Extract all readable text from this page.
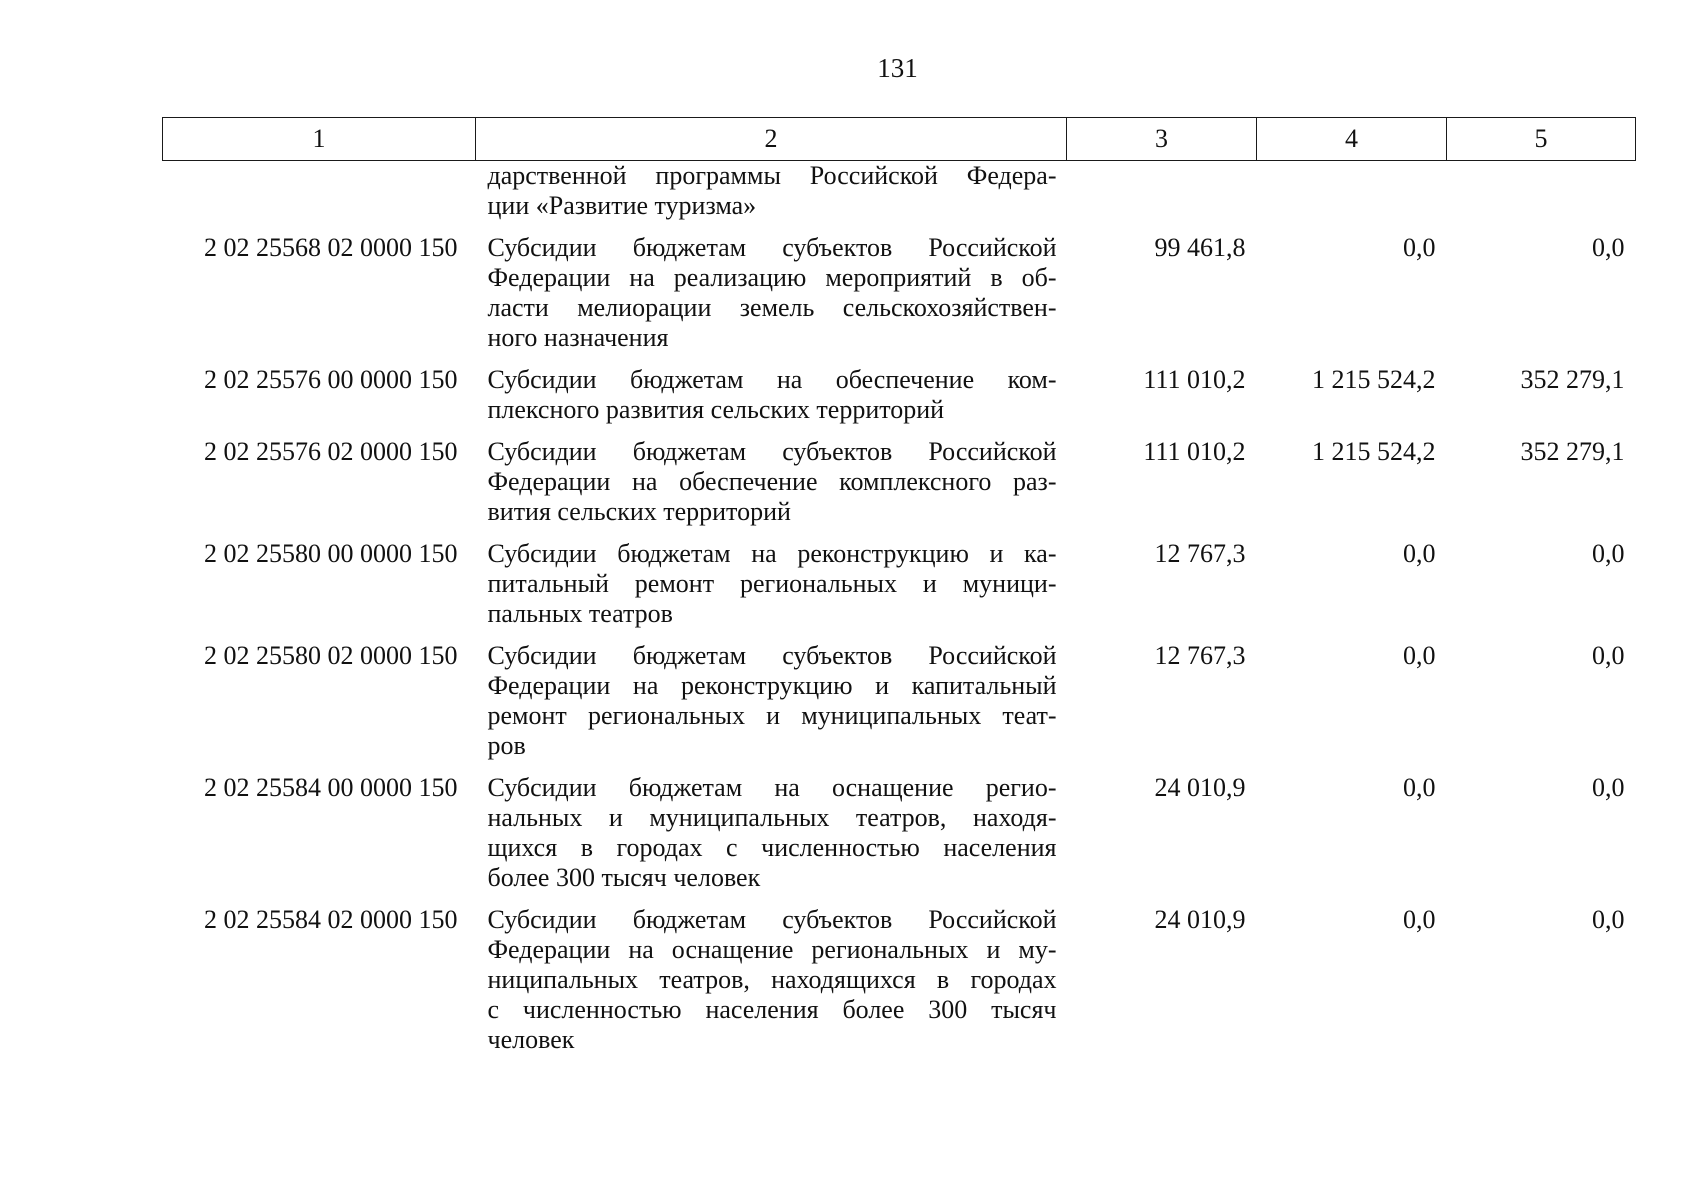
131
1	2	3	4	5

	дарственной программы Российской Федера-
ции «Развитие туризма»			

2 02 25568 02 0000 150	Субсидии бюджетам субъектов Российской
Федерации на реализацию мероприятий в об-
ласти мелиорации земель сельскохозяйствен-
ного назначения	99 461,8	0,0	0,0
2 02 25576 00 0000 150	Субсидии бюджетам на обеспечение ком-
плексного развития сельских территорий	111 010,2	1 215 524,2	352 279,1
2 02 25576 02 0000 150	Субсидии бюджетам субъектов Российской
Федерации на обеспечение комплексного раз-
вития сельских территорий	111 010,2	1 215 524,2	352 279,1
2 02 25580 00 0000 150	Субсидии бюджетам на реконструкцию и ка-
питальный ремонт региональных и муници-
пальных театров	12 767,3	0,0	0,0
2 02 25580 02 0000 150	Субсидии бюджетам субъектов Российской
Федерации на реконструкцию и капитальный
ремонт региональных и муниципальных теат-
ров	12 767,3	0,0	0,0
2 02 25584 00 0000 150	Субсидии бюджетам на оснащение регио-
нальных и муниципальных театров, находя-
щихся в городах с численностью населения
более 300 тысяч человек	24 010,9	0,0	0,0
2 02 25584 02 0000 150	Субсидии бюджетам субъектов Российской
Федерации на оснащение региональных и му-
ниципальных театров, находящихся в городах
с численностью населения более 300 тысяч
человек	24 010,9	0,0	0,0
